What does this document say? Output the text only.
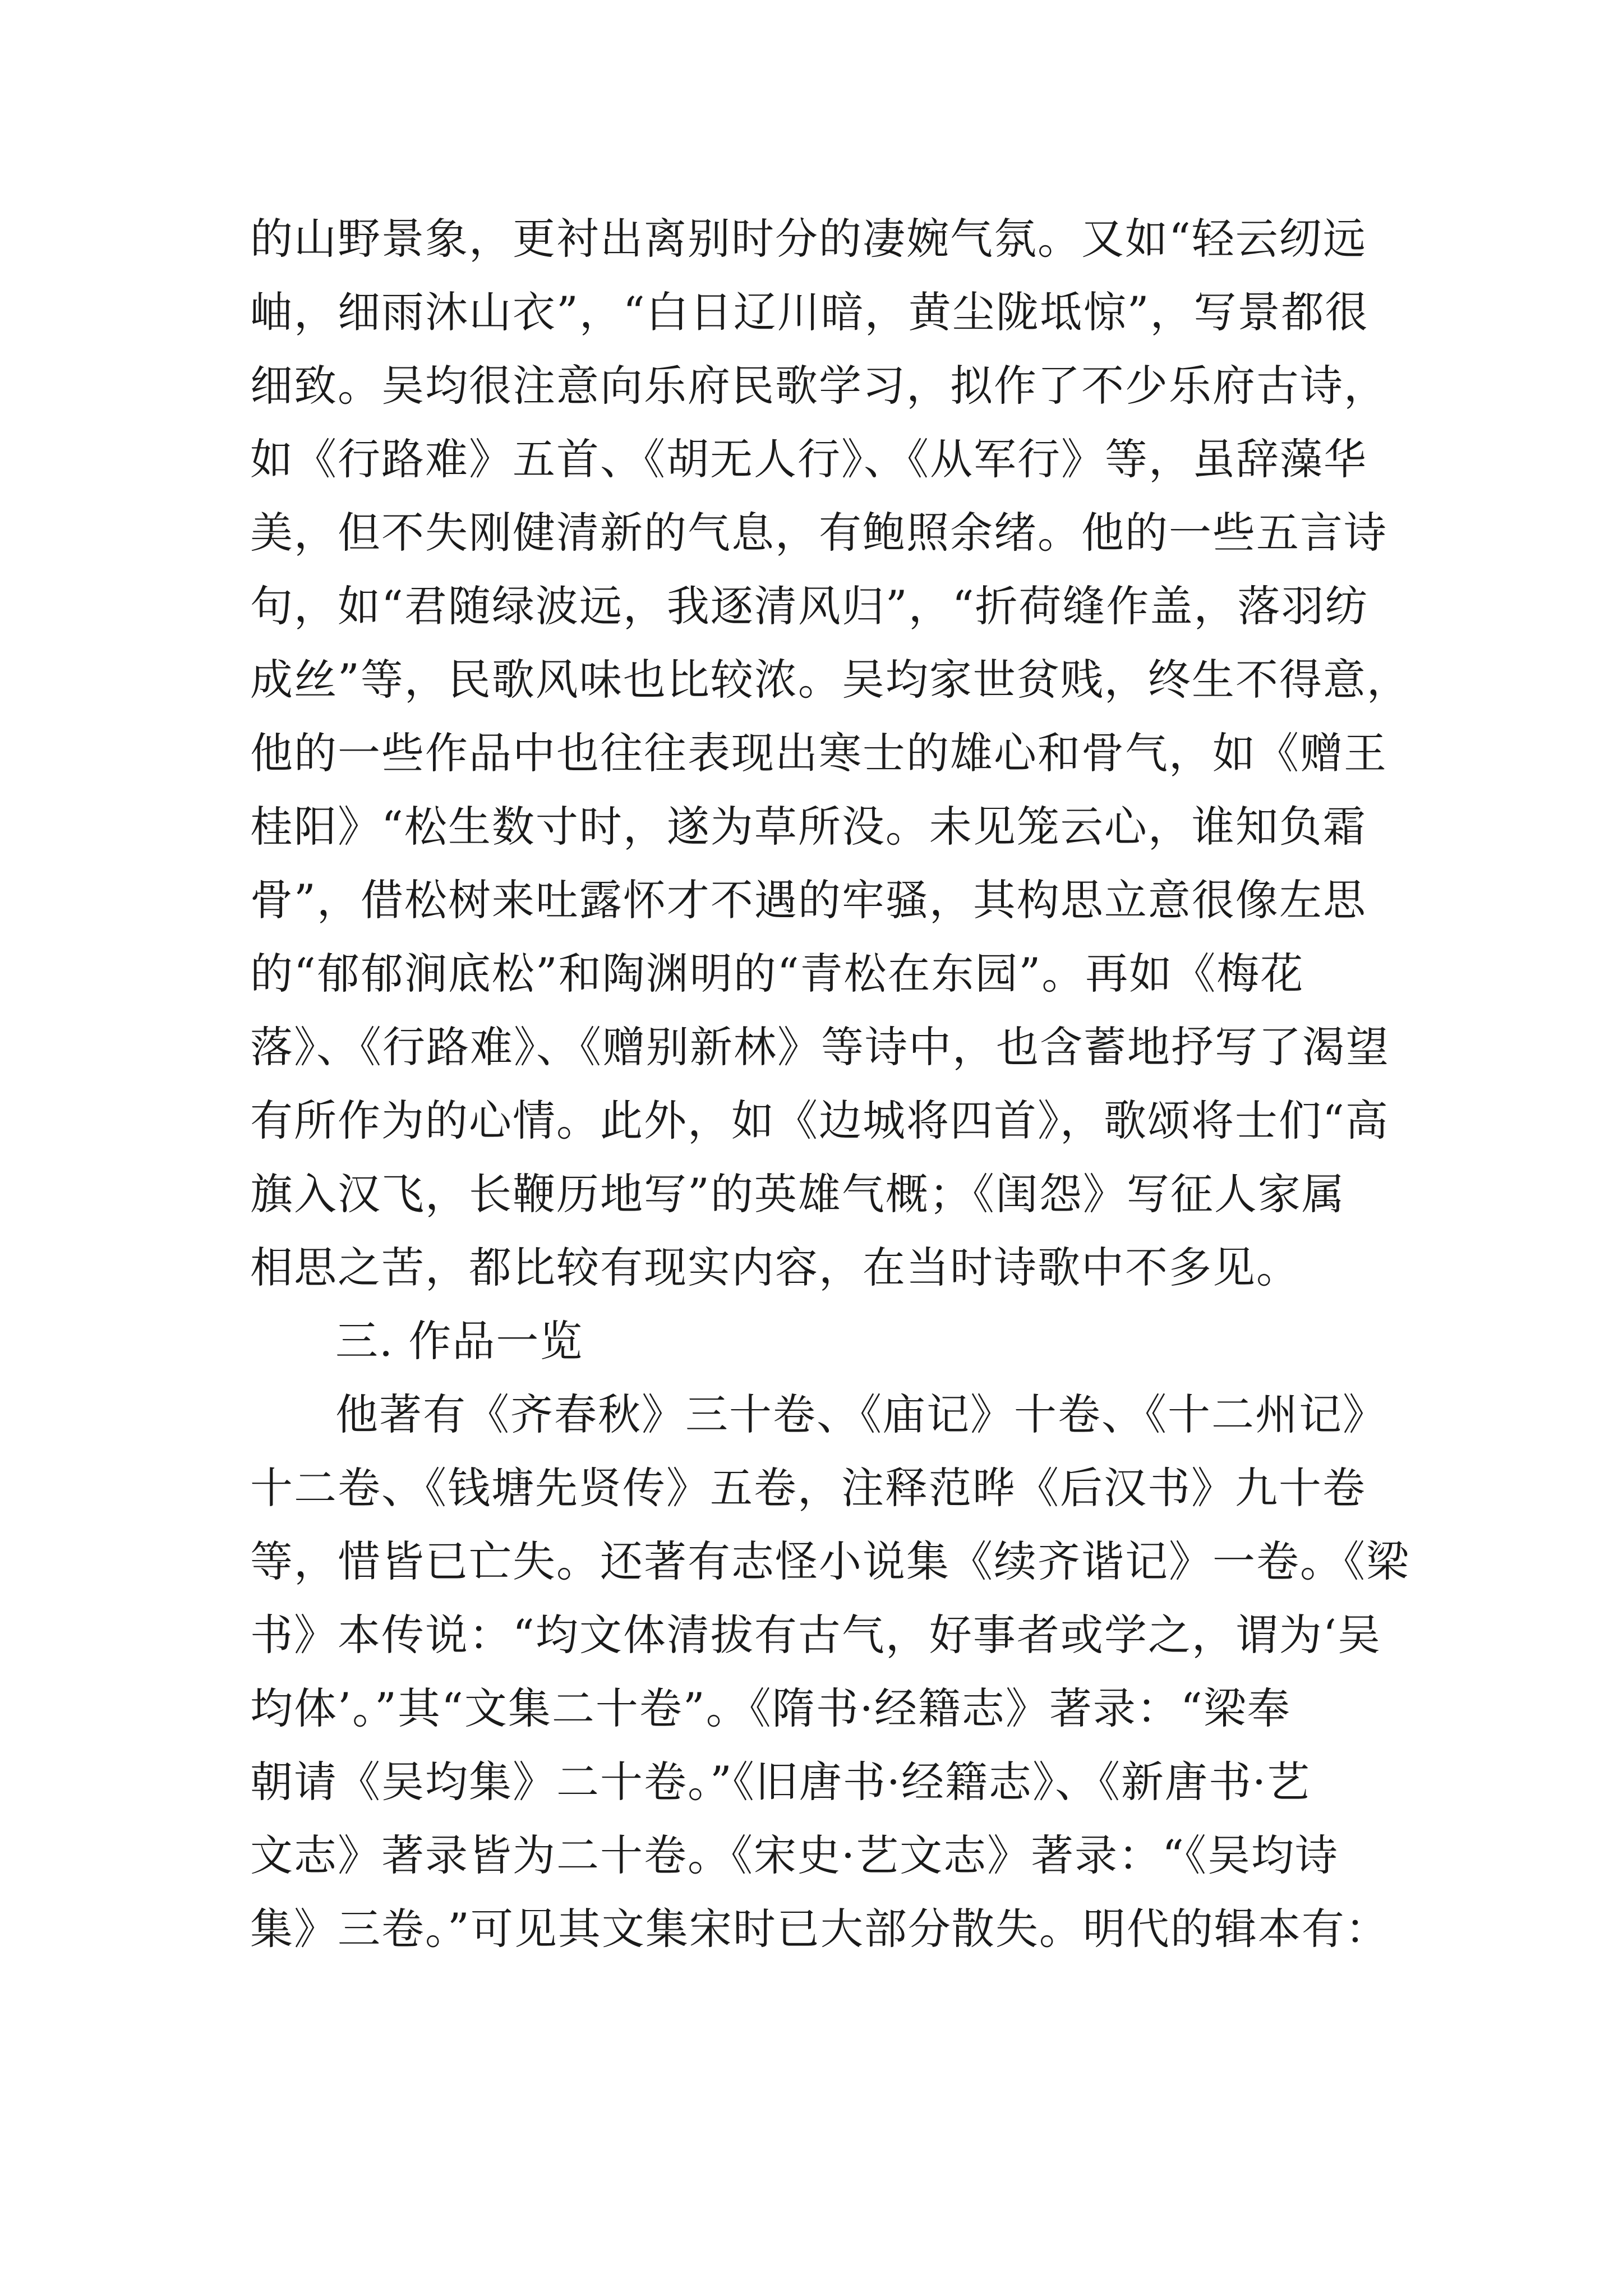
的山野景象，更衬出离别时分的凄婉气氛。又如“轻云纫远
岫，细雨沐山衣”，“白日辽川暗，黄尘陇坻惊”，写景都很
细致。吴均很注意向乐府民歌学习，拟作了不少乐府古诗，
如《行路难》五首、《胡无人行》、《从军行》等，虽辞藻华
美，但不失刚健清新的气息，有鲍照余绪。他的一些五言诗
句，如“君随绿波远，我逐清风归”，“折荷缝作盖，落羽纺
成丝”等，民歌风味也比较浓。吴均家世贫贱，终生不得意，
他的一些作品中也往往表现出寒士的雄心和骨气，如《赠王
桂阳》“松生数寸时，遂为草所没。未见笼云心，谁知负霜
骨”，借松树来吐露怀才不遇的牢骚，其构思立意很像左思
的“郁郁涧底松”和陶渊明的“青松在东园”。再如《梅花
落》、《行路难》、《赠别新林》等诗中，也含蓄地抒写了渴望
有所作为的心情。此外，如《边城将四首》，歌颂将士们“高
旗入汉飞，长鞭历地写”的英雄气概；《闺怨》写征人家属
相思之苦，都比较有现实内容，在当时诗歌中不多见。
三. 作品一览
他著有《齐春秋》三十卷、《庙记》十卷、《十二州记》
十二卷、《钱塘先贤传》五卷，注释范晔《后汉书》九十卷
等，惜皆已亡失。还著有志怪小说集《续齐谐记》一卷。《梁
书》本传说：“均文体清拔有古气，好事者或学之，谓为‘吴
均体’。”其“文集二十卷”。《隋书·经籍志》著录：“梁奉
朝请《吴均集》二十卷。”《旧唐书·经籍志》、《新唐书·艺
文志》著录皆为二十卷。《宋史·艺文志》著录：“《吴均诗
集》三卷。”可见其文集宋时已大部分散失。明代的辑本有：
